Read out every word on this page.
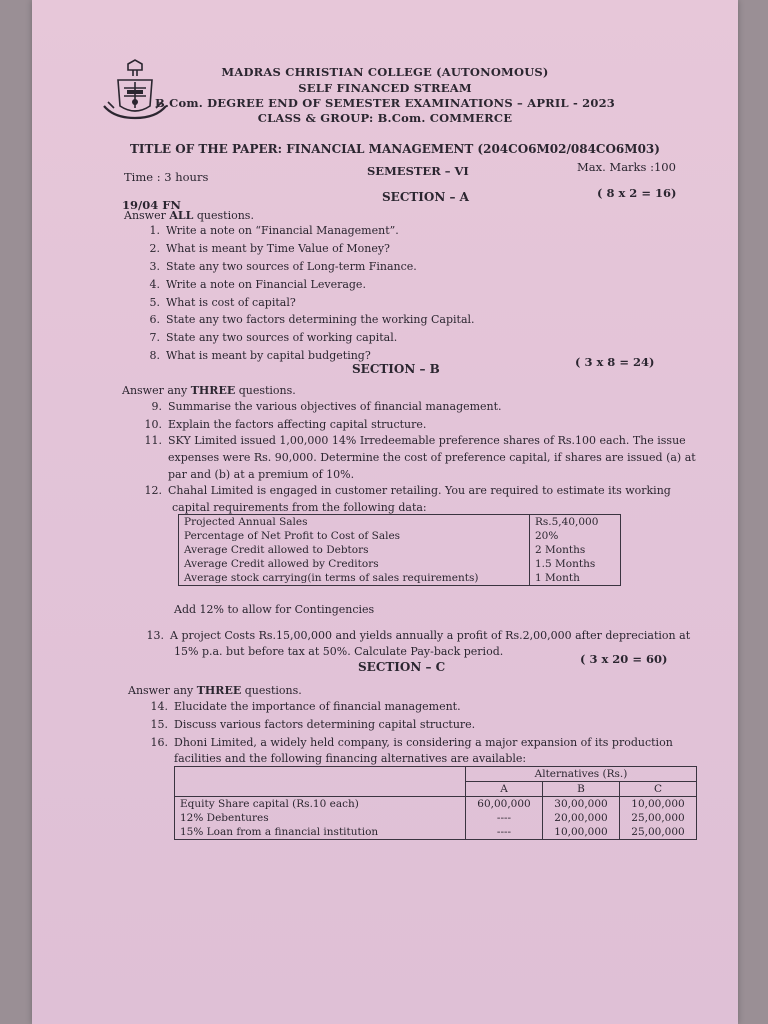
MADRAS CHRISTIAN COLLEGE (AUTONOMOUS)
SELF FINANCED STREAM
B.Com. DEGREE END OF SEMESTER EXAMINATIONS – APRIL - 2023
CLASS & GROUP: B.Com. COMMERCE
TITLE OF THE PAPER: FINANCIAL MANAGEMENT (204CO6M02/084CO6M03)
Time : 3 hours	SEMESTER – VI	Max. Marks :100
19/04 FN
SECTION – A	( 8 x 2 = 16)
Answer ALL questions.
1. Write a note on “Financial Management”.
2. What is meant by Time Value of Money?
3. State any two sources of Long-term Finance.
4. Write a note on Financial Leverage.
5. What is cost of capital?
6. State any two factors determining the working Capital.
7. State any two sources of working capital.
8. What is meant by capital budgeting?
SECTION – B	( 3 x 8 = 24)
Answer any THREE questions.
9. Summarise the various objectives of financial management.
10. Explain the factors affecting capital structure.
11. SKY Limited issued 1,00,000 14% Irredeemable preference shares of Rs.100 each. The issue
expenses were Rs. 90,000. Determine the cost of preference capital, if shares are issued (a) at
par and (b) at a premium of 10%.
12. Chahal Limited is engaged in customer retailing. You are required to estimate its working
capital requirements from the following data:
Projected Annual Sales	Rs.5,40,000
Percentage of Net Profit to Cost of Sales	20%
Average Credit allowed to Debtors	2 Months
Average Credit allowed by Creditors	1.5 Months
Average stock carrying(in terms of sales requirements)	1 Month
Add 12% to allow for Contingencies
13. A project Costs Rs.15,00,000 and yields annually a profit of Rs.2,00,000 after depreciation at
15% p.a. but before tax at 50%. Calculate Pay-back period.
SECTION – C
( 3 x 20 = 60)
Answer any THREE questions.
14. Elucidate the importance of financial management.
15. Discuss various factors determining capital structure.
16. Dhoni Limited, a widely held company, is considering a major expansion of its production
facilities and the following financing alternatives are available:
	Alternatives (Rs.)		
	A	B	C
Equity Share capital (Rs.10 each)	60,00,000	30,00,000	10,00,000
12% Debentures	----	20,00,000	25,00,000
15% Loan from a financial institution	----	10,00,000	25,00,000
